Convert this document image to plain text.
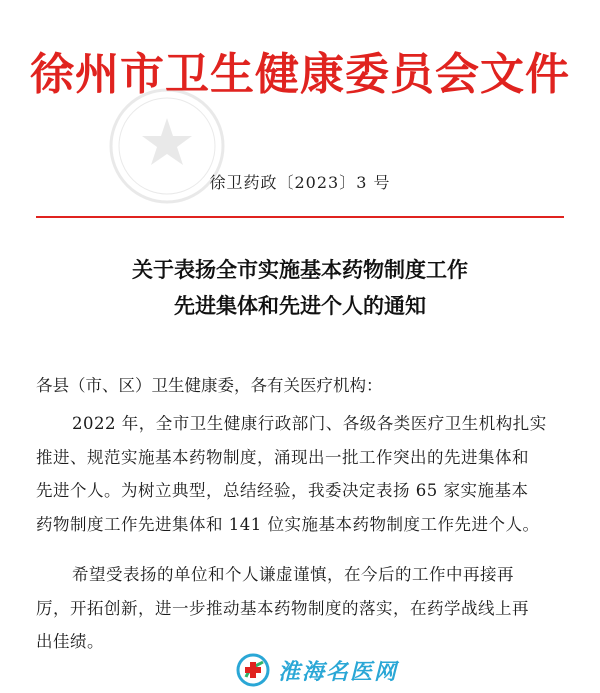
徐州市卫生健康委员会文件
徐卫药政〔2023〕3 号
关于表扬全市实施基本药物制度工作
先进集体和先进个人的通知
各县（市、区）卫生健康委，各有关医疗机构：
2022 年，全市卫生健康行政部门、各级各类医疗卫生机构扎实
推进、规范实施基本药物制度，涌现出一批工作突出的先进集体和
先进个人。为树立典型，总结经验，我委决定表扬 65 家实施基本
药物制度工作先进集体和 141 位实施基本药物制度工作先进个人。
希望受表扬的单位和个人谦虚谨慎，在今后的工作中再接再
厉，开拓创新，进一步推动基本药物制度的落实，在药学战线上再
出佳绩。
淮海名医网
